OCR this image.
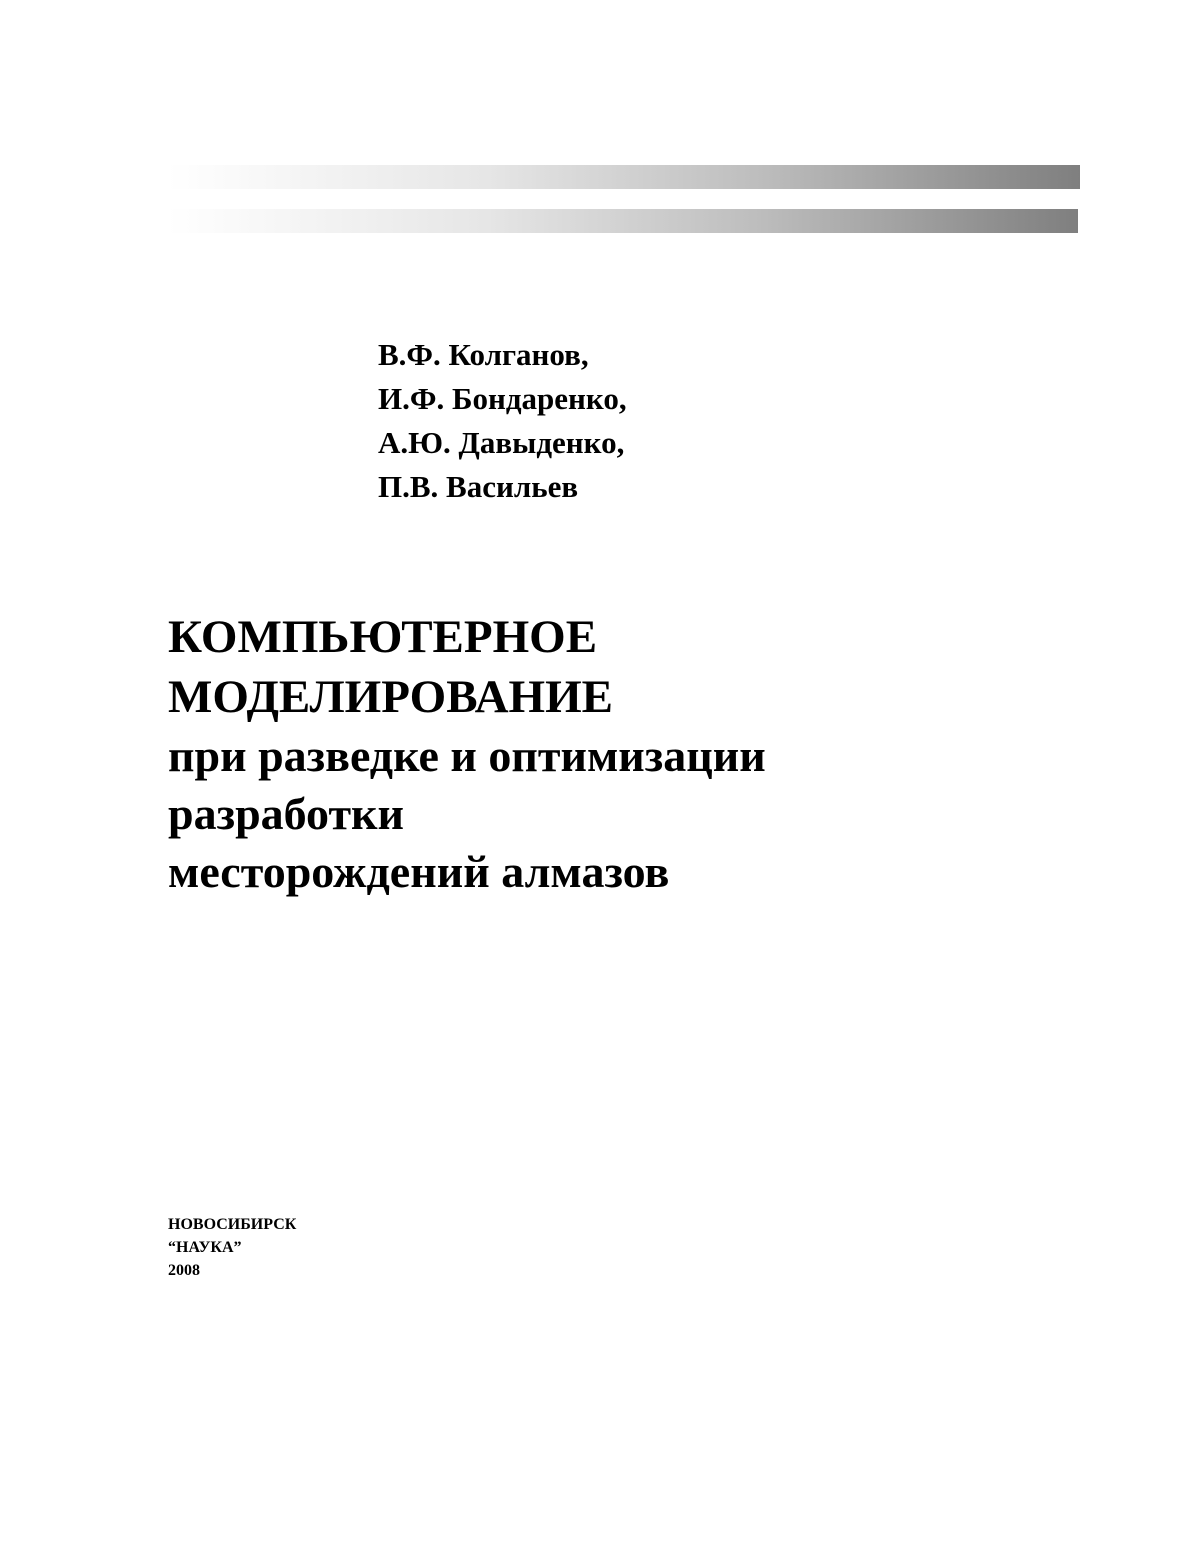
В.Ф. Колганов,
И.Ф. Бондаренко,
А.Ю. Давыденко,
П.В. Васильев
КОМПЬЮТЕРНОЕ
МОДЕЛИРОВАНИЕ
при разведке и оптимизации
разработки
месторождений алмазов
НОВОСИБИРСК
“НАУКА”
2008
